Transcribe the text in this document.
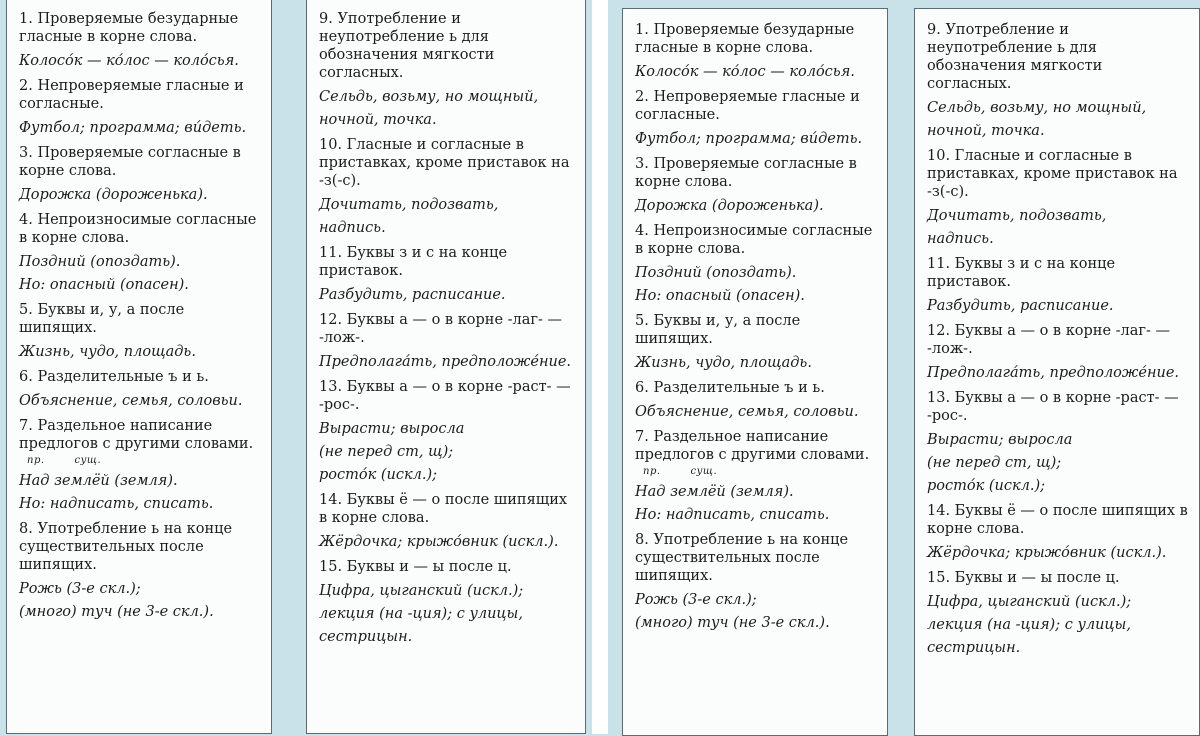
1. Проверяемые безударные гласные в корне слова.
Колосо́к — ко́лос — коло́сья.
2. Непроверяемые гласные и согласные.
Футбол; программа; ви́деть.
3. Проверяемые согласные в корне слова.
Дорожка (дороженька).
4. Непроизносимые согласные в корне слова.
Поздний (опоздать).
Но: опасный (опасен).
5. Буквы и, у, а после шипящих.
Жизнь, чудо, площадь.
6. Разделительные ъ и ь.
Объяснение, семья, соловьи.
7. Раздельное написание предлогов с другими словами.
пр.	сущ.
Над землёй (земля).
Но: надписать, списать.
8. Употребление ь на конце существительных после шипящих.
Рожь (3-е скл.);
(много) туч (не 3-е скл.).
9. Употребление и неупотребление ь для обозначения мягкости согласных.
Сельдь, возьму, но мощный,
ночной, точка.
10. Гласные и согласные в приставках, кроме приставок на -з(-с).
Дочитать, подозвать,
надпись.
11. Буквы з и с на конце приставок.
Разбудить, расписание.
12. Буквы а — о в корне -лаг- — -лож-.
Предполага́ть, предположе́ние.
13. Буквы а — о в корне -раст- — -рос-.
Вырасти; выросла
(не перед ст, щ);
росто́к (искл.);
14. Буквы ё — о после шипящих в корне слова.
Жёрдочка; крыжо́вник (искл.).
15. Буквы и — ы после ц.
Цифра, цыганский (искл.);
лекция (на -ция); с улицы,
сестрицын.
1. Проверяемые безударные гласные в корне слова.
Колосо́к — ко́лос — коло́сья.
2. Непроверяемые гласные и согласные.
Футбол; программа; ви́деть.
3. Проверяемые согласные в корне слова.
Дорожка (дороженька).
4. Непроизносимые согласные в корне слова.
Поздний (опоздать).
Но: опасный (опасен).
5. Буквы и, у, а после шипящих.
Жизнь, чудо, площадь.
6. Разделительные ъ и ь.
Объяснение, семья, соловьи.
7. Раздельное написание предлогов с другими словами.
пр.	сущ.
Над землёй (земля).
Но: надписать, списать.
8. Употребление ь на конце существительных после шипящих.
Рожь (3-е скл.);
(много) туч (не 3-е скл.).
9. Употребление и неупотребление ь для обозначения мягкости согласных.
Сельдь, возьму, но мощный,
ночной, точка.
10. Гласные и согласные в приставках, кроме приставок на -з(-с).
Дочитать, подозвать,
надпись.
11. Буквы з и с на конце приставок.
Разбудить, расписание.
12. Буквы а — о в корне -лаг- — -лож-.
Предполага́ть, предположе́ние.
13. Буквы а — о в корне -раст- — -рос-.
Вырасти; выросла
(не перед ст, щ);
росто́к (искл.);
14. Буквы ё — о после шипящих в корне слова.
Жёрдочка; крыжо́вник (искл.).
15. Буквы и — ы после ц.
Цифра, цыганский (искл.);
лекция (на -ция); с улицы,
сестрицын.
